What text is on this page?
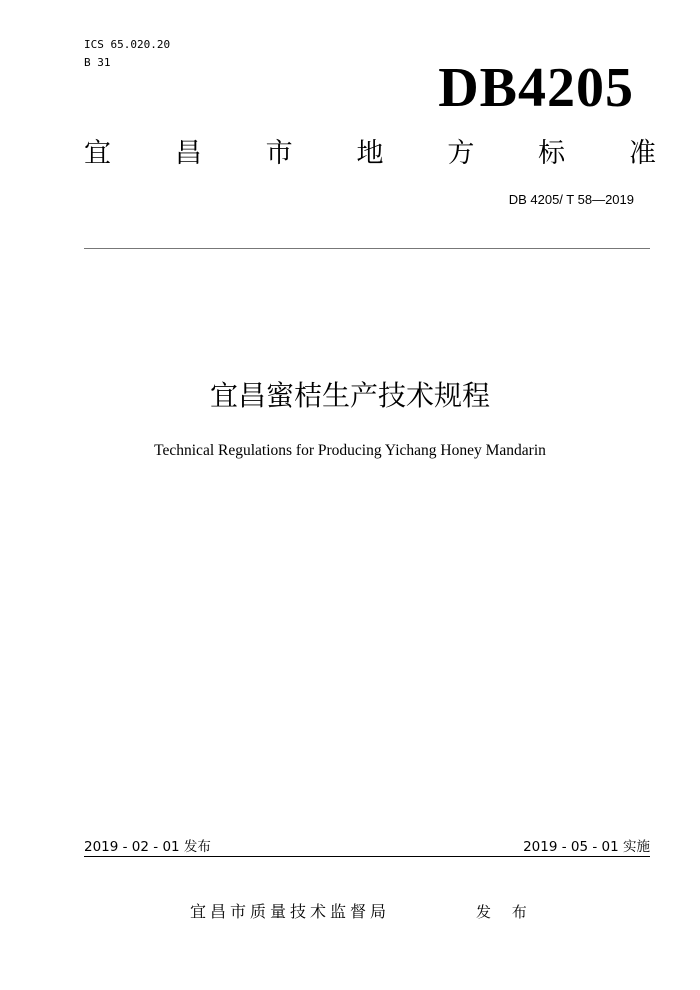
ICS 65.020.20
B 31	DB4205
宜 昌 市 地 方 标 准
DB 4205/ T 58—2019
宜昌蜜桔生产技术规程
Technical Regulations for Producing Yichang Honey Mandarin
2019 - 02 - 01 发布	2019 - 05 - 01 实施
宜昌市质量技术监督局	发 布
